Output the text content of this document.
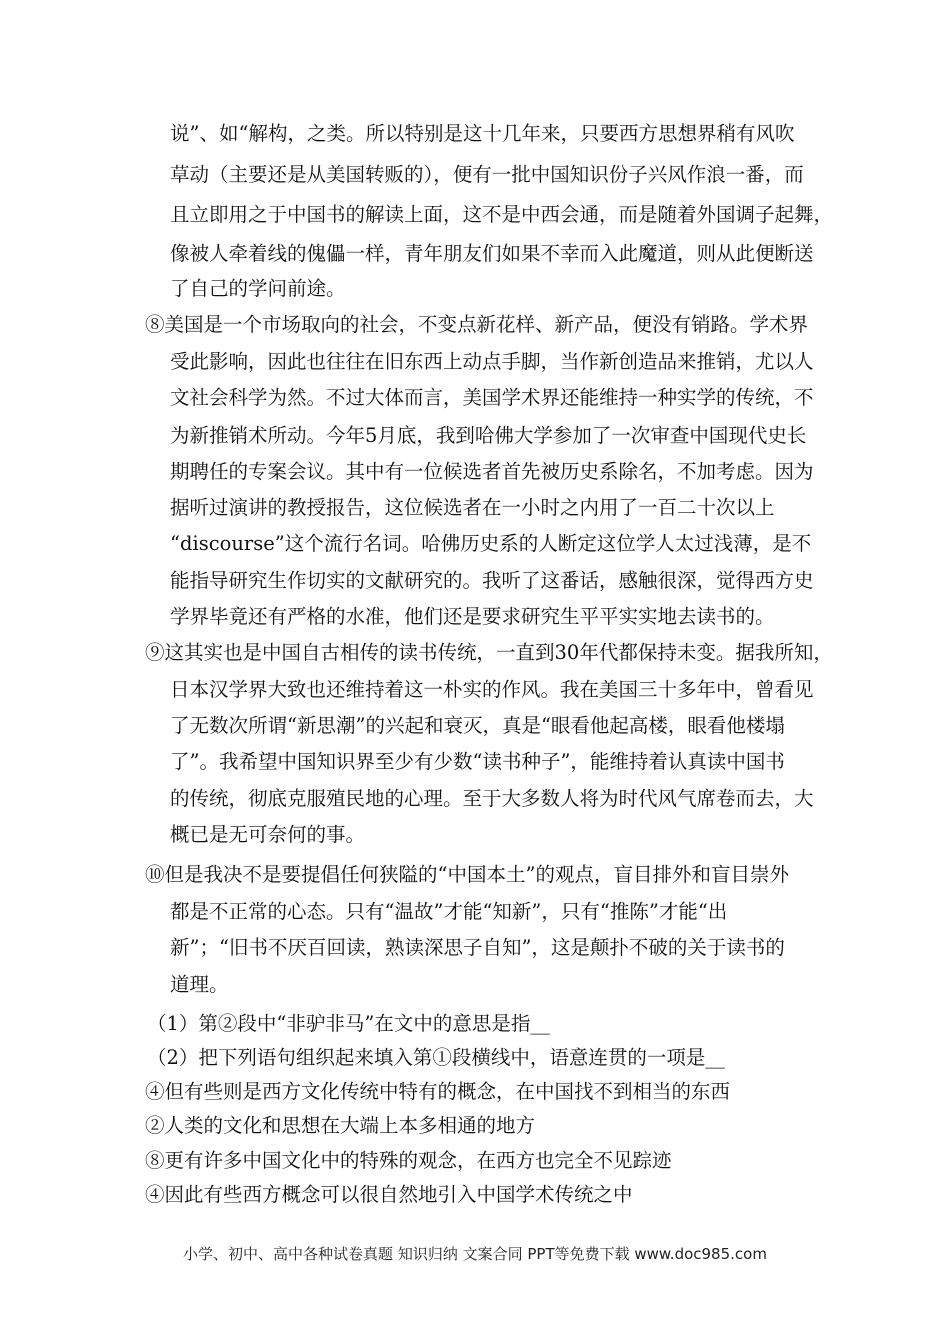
说”、如“解构，之类。所以特别是这十几年来，只要西方思想界稍有风吹
草动（主要还是从美国转贩的），便有一批中国知识份子兴风作浪一番，而
且立即用之于中国书的解读上面，这不是中西会通，而是随着外国调子起舞，
像被人牵着线的傀儡一样，青年朋友们如果不幸而入此魔道，则从此便断送
了自己的学问前途。
⑧美国是一个市场取向的社会，不变点新花样、新产品，便没有销路。学术界
受此影响，因此也往往在旧东西上动点手脚，当作新创造品来推销，尤以人
文社会科学为然。不过大体而言，美国学术界还能维持一种实学的传统，不
为新推销术所动。今年5月底，我到哈佛大学参加了一次审查中国现代史长
期聘任的专案会议。其中有一位候选者首先被历史系除名，不加考虑。因为
据听过演讲的教授报告，这位候选者在一小时之内用了一百二十次以上
“discourse”这个流行名词。哈佛历史系的人断定这位学人太过浅薄，是不
能指导研究生作切实的文献研究的。我听了这番话，感触很深，觉得西方史
学界毕竟还有严格的水准，他们还是要求研究生平平实实地去读书的。
⑨这其实也是中国自古相传的读书传统，一直到30年代都保持未变。据我所知，
日本汉学界大致也还维持着这一朴实的作风。我在美国三十多年中，曾看见
了无数次所谓“新思潮”的兴起和衰灭，真是“眼看他起高楼，眼看他楼塌
了”。我希望中国知识界至少有少数“读书种子”，能维持着认真读中国书
的传统，彻底克服殖民地的心理。至于大多数人将为时代风气席卷而去，大
概已是无可奈何的事。
⑩但是我决不是要提倡任何狭隘的“中国本土”的观点，盲目排外和盲目崇外
都是不正常的心态。只有“温故”才能“知新”，只有“推陈”才能“出
新”；“旧书不厌百回读，熟读深思子自知”，这是颠扑不破的关于读书的
道理。
（1）第②段中“非驴非马”在文中的意思是指__
（2）把下列语句组织起来填入第①段横线中，语意连贯的一项是__
④但有些则是西方文化传统中特有的概念，在中国找不到相当的东西
②人类的文化和思想在大端上本多相通的地方
⑧更有许多中国文化中的特殊的观念，在西方也完全不见踪迹
④因此有些西方概念可以很自然地引入中国学术传统之中
小学、初中、高中各种试卷真题 知识归纳 文案合同 PPT等免费下载 www.doc985.com
